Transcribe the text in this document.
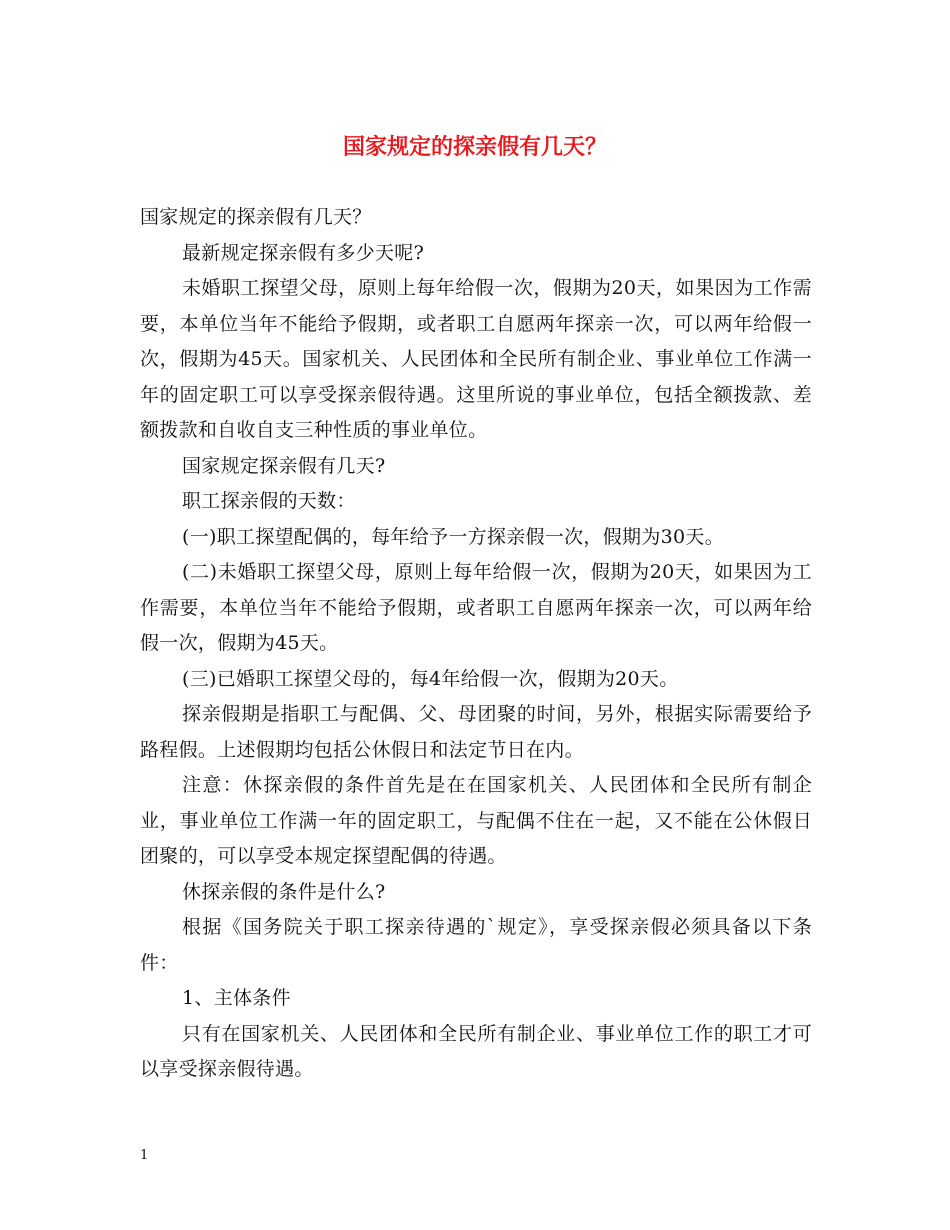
国家规定的探亲假有几天？

国家规定的探亲假有几天？

最新规定探亲假有多少天呢?

未婚职工探望父母，原则上每年给假一次，假期为20天，如果因为工作需要，本单位当年不能给予假期，或者职工自愿两年探亲一次，可以两年给假一次，假期为45天。国家机关、人民团体和全民所有制企业、事业单位工作满一年的固定职工可以享受探亲假待遇。这里所说的事业单位，包括全额拨款、差额拨款和自收自支三种性质的事业单位。

国家规定探亲假有几天?

职工探亲假的天数：

(一)职工探望配偶的，每年给予一方探亲假一次，假期为30天。

(二)未婚职工探望父母，原则上每年给假一次，假期为20天，如果因为工作需要，本单位当年不能给予假期，或者职工自愿两年探亲一次，可以两年给假一次，假期为45天。

(三)已婚职工探望父母的，每4年给假一次，假期为20天。

探亲假期是指职工与配偶、父、母团聚的时间，另外，根据实际需要给予路程假。上述假期均包括公休假日和法定节日在内。

注意：休探亲假的条件首先是在在国家机关、人民团体和全民所有制企业，事业单位工作满一年的固定职工，与配偶不住在一起，又不能在公休假日团聚的，可以享受本规定探望配偶的待遇。

休探亲假的条件是什么?

根据《国务院关于职工探亲待遇的`规定》，享受探亲假必须具备以下条件：

1、主体条件

只有在国家机关、人民团体和全民所有制企业、事业单位工作的职工才可以享受探亲假待遇。

1
